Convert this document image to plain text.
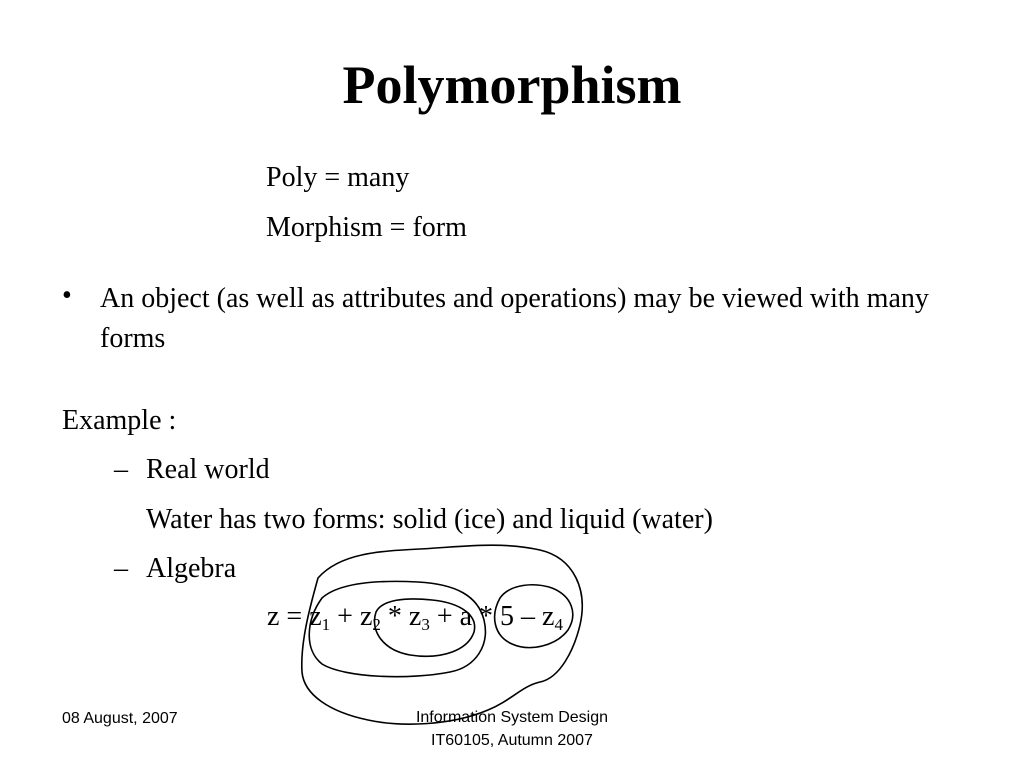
Polymorphism
Poly = many
Morphism = form
• An object (as well as attributes and operations) may be viewed with many forms
Example :
– Real world
Water has two forms: solid (ice) and liquid (water)
– Algebra
$z = z_1 + z_2 * z_3 + a * 5 - z_4$
08 August, 2007	Information System Design
IT60105, Autumn 2007
